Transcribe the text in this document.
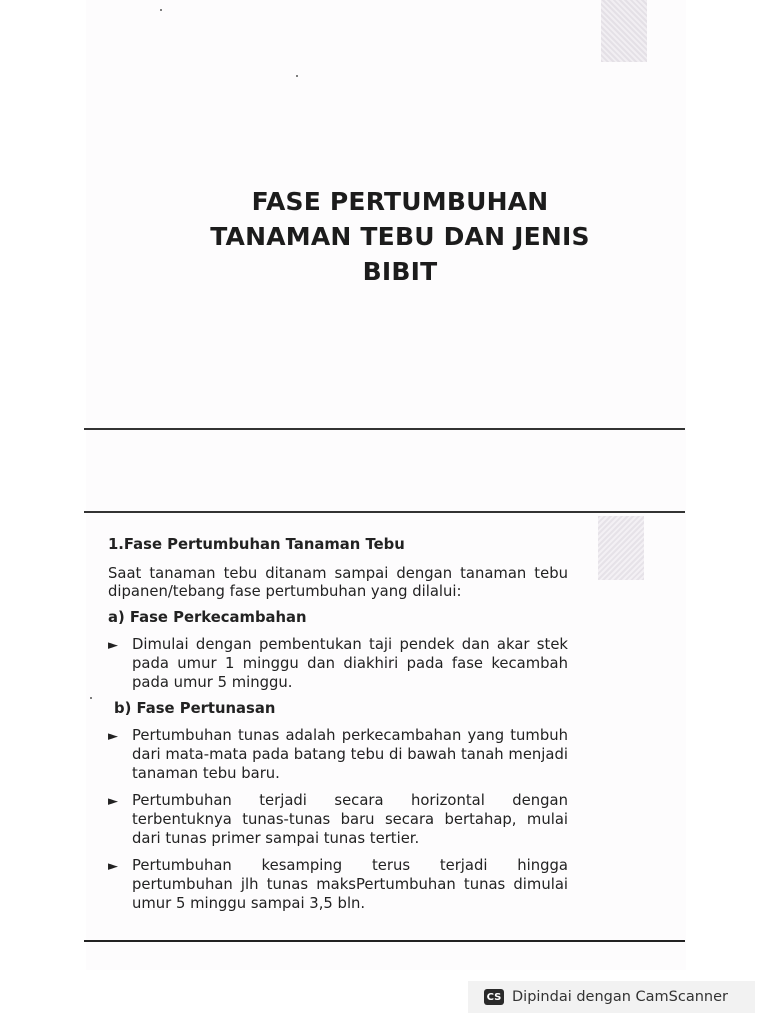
FASE PERTUMBUHAN
TANAMAN TEBU DAN JENIS
BIBIT
1.Fase Pertumbuhan Tanaman Tebu
Saat tanaman tebu ditanam sampai dengan tanaman tebu dipanen/tebang fase pertumbuhan yang dilalui:
a) Fase Perkecambahan
► Dimulai dengan pembentukan taji pendek dan akar stek pada umur 1 minggu dan diakhiri pada fase kecambah pada umur 5 minggu.
b) Fase Pertunasan
► Pertumbuhan tunas adalah perkecambahan yang tumbuh dari mata-mata pada batang tebu di bawah tanah menjadi tanaman tebu baru.
► Pertumbuhan terjadi secara horizontal dengan terbentuknya tunas-tunas baru secara bertahap, mulai dari tunas primer sampai tunas tertier.
► Pertumbuhan kesamping terus terjadi hingga pertumbuhan jlh tunas maksPertumbuhan tunas dimulai umur 5 minggu sampai 3,5 bln.
CS Dipindai dengan CamScanner
